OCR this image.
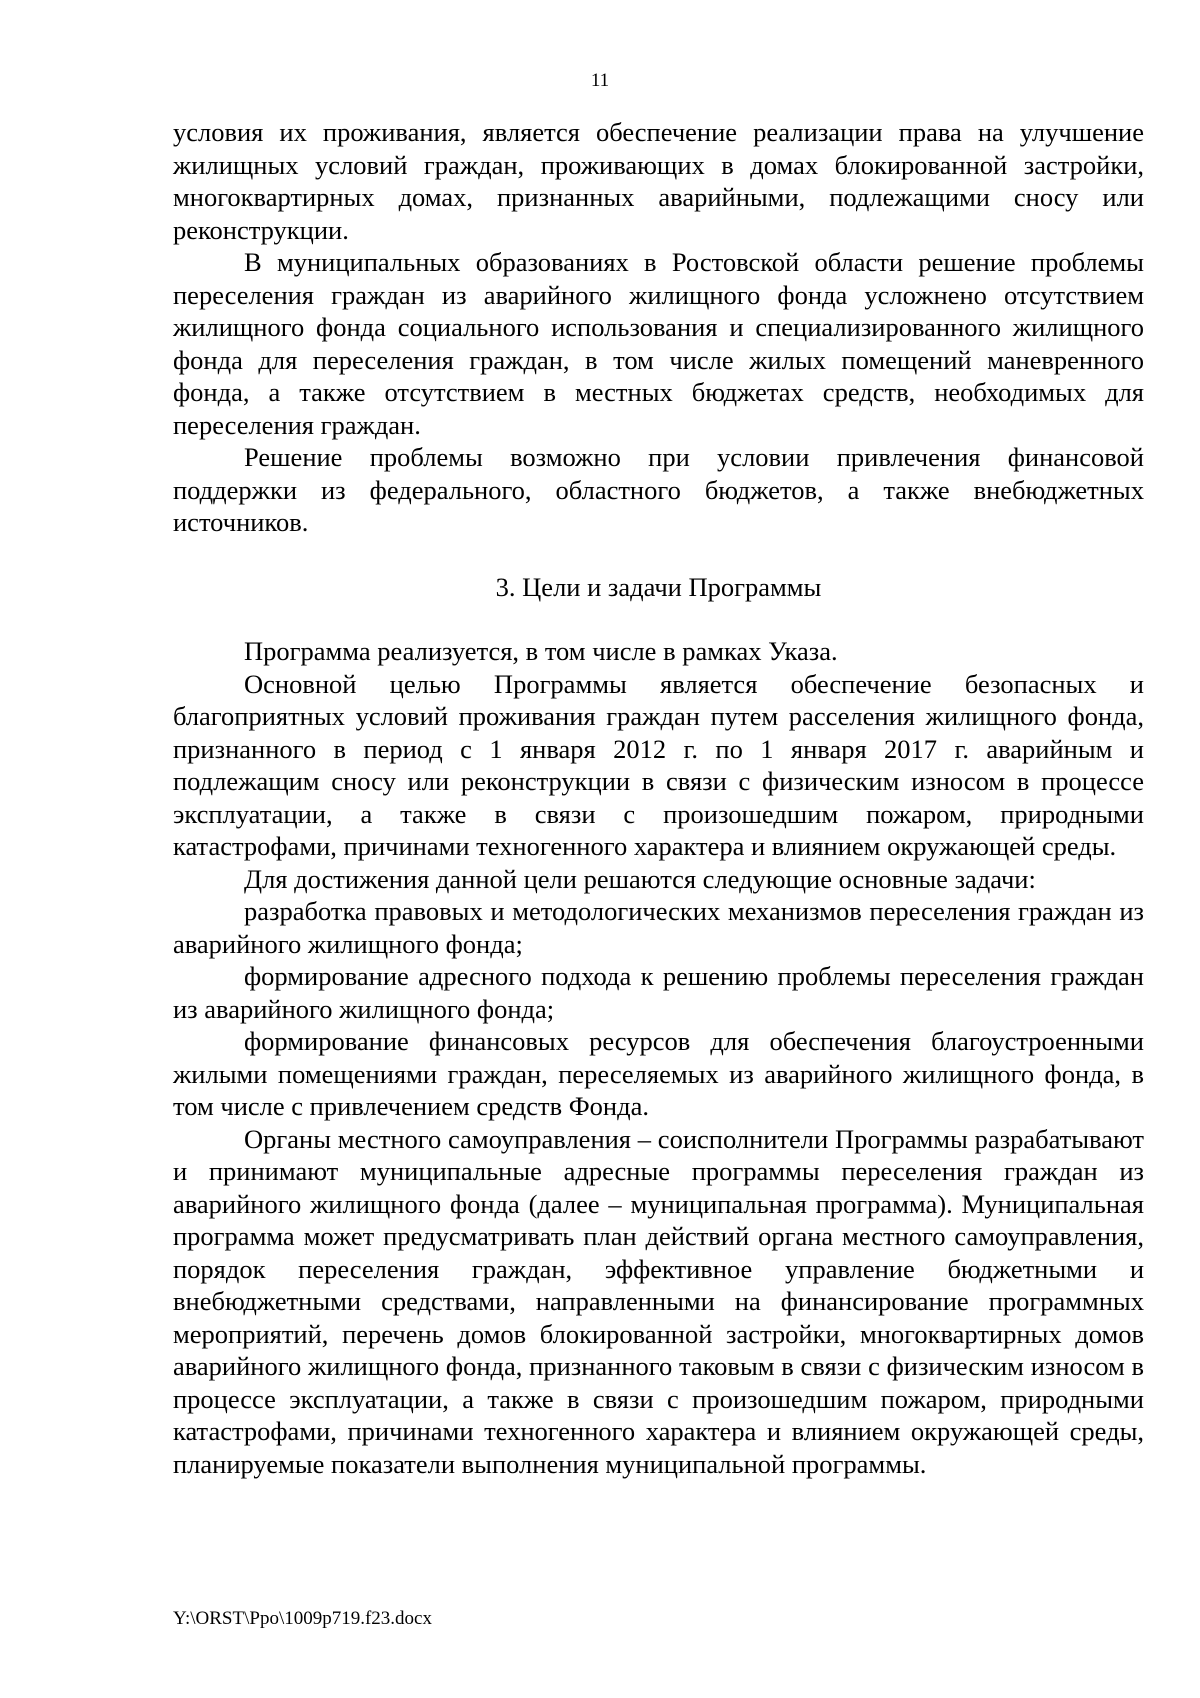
11

условия их проживания, является обеспечение реализации права на улучшение жилищных условий граждан, проживающих в домах блокированной застройки, многоквартирных домах, признанных аварийными, подлежащими сносу или реконструкции.

В муниципальных образованиях в Ростовской области решение проблемы переселения граждан из аварийного жилищного фонда усложнено отсутствием жилищного фонда социального использования и специализированного жилищного фонда для переселения граждан, в том числе жилых помещений маневренного фонда, а также отсутствием в местных бюджетах средств, необходимых для переселения граждан.

Решение проблемы возможно при условии привлечения финансовой поддержки из федерального, областного бюджетов, а также внебюджетных источников.

3. Цели и задачи Программы

Программа реализуется, в том числе в рамках Указа.

Основной целью Программы является обеспечение безопасных и благоприятных условий проживания граждан путем расселения жилищного фонда, признанного в период с 1 января 2012 г. по 1 января 2017 г. аварийным и подлежащим сносу или реконструкции в связи с физическим износом в процессе эксплуатации, а также в связи с произошедшим пожаром, природными катастрофами, причинами техногенного характера и влиянием окружающей среды.

Для достижения данной цели решаются следующие основные задачи:

разработка правовых и методологических механизмов переселения граждан из аварийного жилищного фонда;

формирование адресного подхода к решению проблемы переселения граждан из аварийного жилищного фонда;

формирование финансовых ресурсов для обеспечения благоустроенными жилыми помещениями граждан, переселяемых из аварийного жилищного фонда, в том числе с привлечением средств Фонда.

Органы местного самоуправления – соисполнители Программы разрабатывают и принимают муниципальные адресные программы переселения граждан из аварийного жилищного фонда (далее – муниципальная программа). Муниципальная программа может предусматривать план действий органа местного самоуправления, порядок переселения граждан, эффективное управление бюджетными и внебюджетными средствами, направленными на финансирование программных мероприятий, перечень домов блокированной застройки, многоквартирных домов аварийного жилищного фонда, признанного таковым в связи с физическим износом в процессе эксплуатации, а также в связи с произошедшим пожаром, природными катастрофами, причинами техногенного характера и влиянием окружающей среды, планируемые показатели выполнения муниципальной программы.

Y:\ORST\Ppo\1009p719.f23.docx
